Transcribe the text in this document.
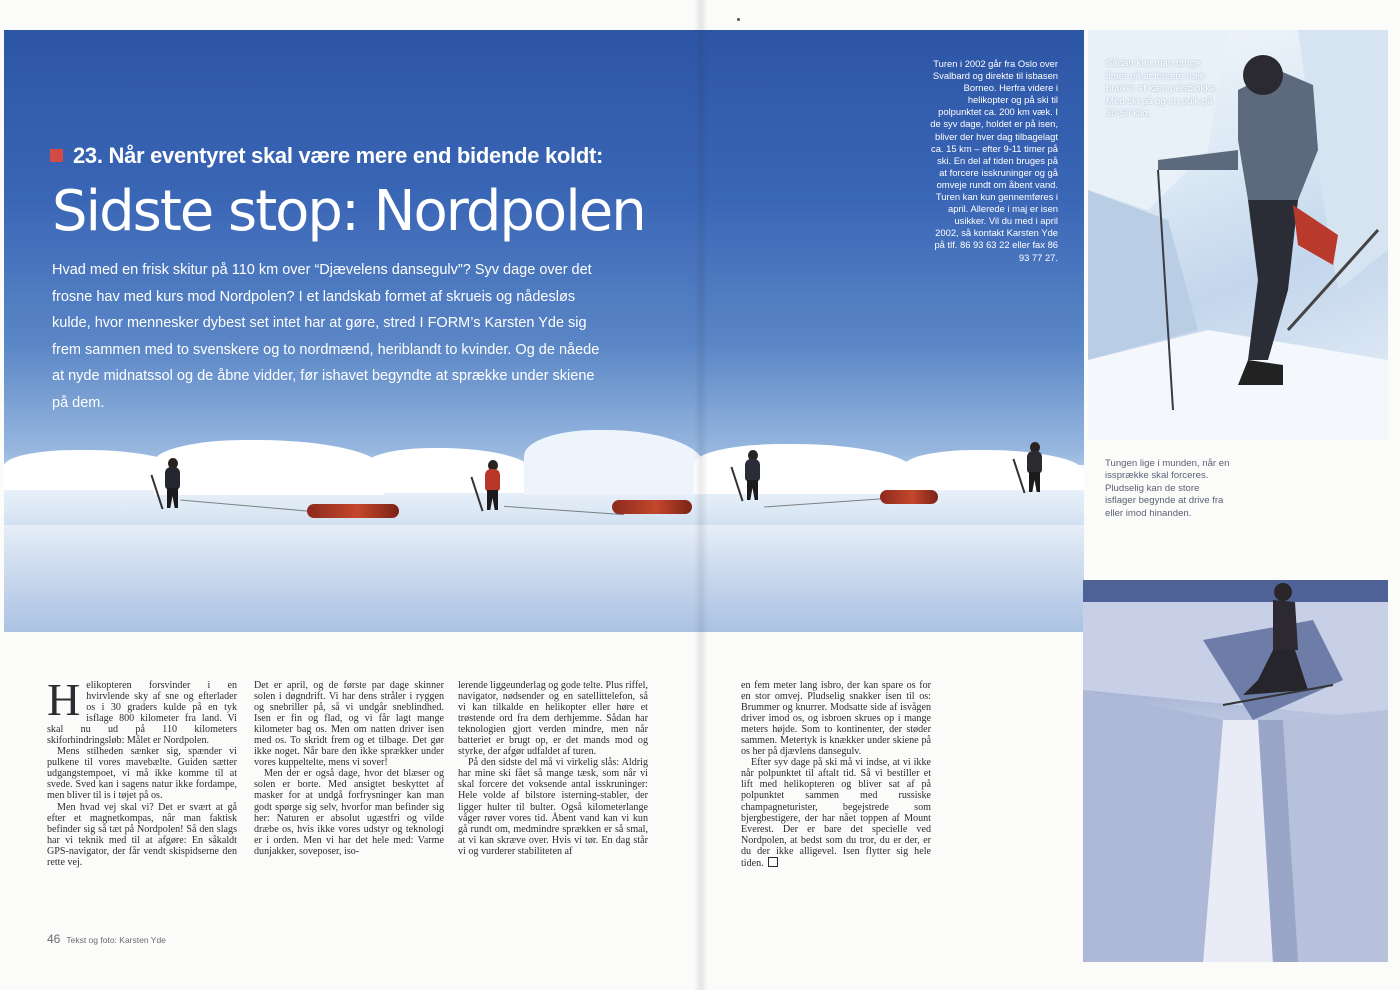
23. Når eventyret skal være mere end bidende koldt:
Sidste stop: Nordpolen
Hvad med en frisk skitur på 110 km over “Djævelens dansegulv”? Syv dage over det frosne hav med kurs mod Nordpolen? I et landskab formet af skrueis og nådesløs kulde, hvor mennesker dybest set intet har at gøre, stred I FORM’s Karsten Yde sig frem sammen med to svenskere og to nordmænd, heriblandt to kvinder. Og de nåede at nyde midnatssol og de åbne vidder, før ishavet begyndte at sprække under skiene på dem.
Turen i 2002 går fra Oslo over Svalbard og direkte til isbasen Borneo. Herfra videre i helikopter og på ski til polpunktet ca. 200 km væk. I de syv dage, holdet er på isen, bliver der hver dag tilbagelagt ca. 15 km – efter 9-11 timer på ski. En del af tiden bruges på at forcere isskruninger og gå omveje rundt om åbent vand. Turen kan kun gennemføres i april. Allerede i maj er isen usikker. Vil du med i april 2002, så kontakt Karsten Yde på tlf. 86 93 63 22 eller fax 86 93 77 27.
Sådan kan man bruge timer på at forcere høje bunker af kæmpeisblokke. Med ski på og en pulk på 30-50 kilo.
Tungen lige i munden, når en issprække skal forceres. Pludselig kan de store isflager begynde at drive fra eller imod hinanden.

Helikopteren forsvinder i en hvirvlende sky af sne og efterlader os i 30 graders kulde på en tyk isflage 800 kilometer fra land. Vi skal nu ud på 110 kilometers skiforhindringsløb: Målet er Nordpolen.

Mens stilheden sænker sig, spænder vi pulkene til vores mavebælte. Guiden sætter udgangstempoet, vi må ikke komme til at svede. Sved kan i sagens natur ikke fordampe, men bliver til is i tøjet på os.

Men hvad vej skal vi? Det er svært at gå efter et magnetkompas, når man faktisk befinder sig så tæt på Nordpolen! Så den slags har vi teknik med til at afgøre: En såkaldt GPS-navigator, der får vendt skispidserne den rette vej.

Det er april, og de første par dage skinner solen i døgndrift. Vi har dens stråler i ryggen og snebriller på, så vi undgår sneblindhed. Isen er fin og flad, og vi får lagt mange kilometer bag os. Men om natten driver isen med os. To skridt frem og et tilbage. Det gør ikke noget. Når bare den ikke sprækker under vores kuppeltelte, mens vi sover!

Men der er også dage, hvor det blæser og solen er borte. Med ansigtet beskyttet af masker for at undgå forfrysninger kan man godt spørge sig selv, hvorfor man befinder sig her: Naturen er absolut ugæstfri og vilde dræbe os, hvis ikke vores udstyr og teknologi er i orden. Men vi har det hele med: Varme dunjakker, soveposer, iso-

lerende liggeunderlag og gode telte. Plus riffel, navigator, nødsender og en satellittelefon, så vi kan tilkalde en helikopter eller høre et trøstende ord fra dem derhjemme. Sådan har teknologien gjort verden mindre, men når batteriet er brugt op, er det mands mod og styrke, der afgør udfaldet af turen.

På den sidste del må vi virkelig slås: Aldrig har mine ski fået så mange tæsk, som når vi skal forcere det voksende antal isskruninger: Hele volde af bilstore isterning-stabler, der ligger hulter til bulter. Også kilometerlange våger røver vores tid. Åbent vand kan vi kun gå rundt om, medmindre sprækken er så smal, at vi kan skræve over. Hvis vi tør. En dag står vi og vurderer stabiliteten af

en fem meter lang isbro, der kan spare os for en stor omvej. Pludselig snakker isen til os: Brummer og knurrer. Modsatte side af isvågen driver imod os, og isbroen skrues op i mange meters højde. Som to kontinenter, der støder sammen. Metertyk is knækker under skiene på os her på djævlens dansegulv.

Efter syv dage på ski må vi indse, at vi ikke når polpunktet til aftalt tid. Så vi bestiller et lift med helikopteren og bliver sat af på polpunktet sammen med russiske champagneturister, begejstrede som bjergbestigere, der har nået toppen af Mount Everest. Der er bare det specielle ved Nordpolen, at bedst som du tror, du er der, er du der ikke alligevel. Isen flytter sig hele tiden.

46 Tekst og foto: Karsten Yde
